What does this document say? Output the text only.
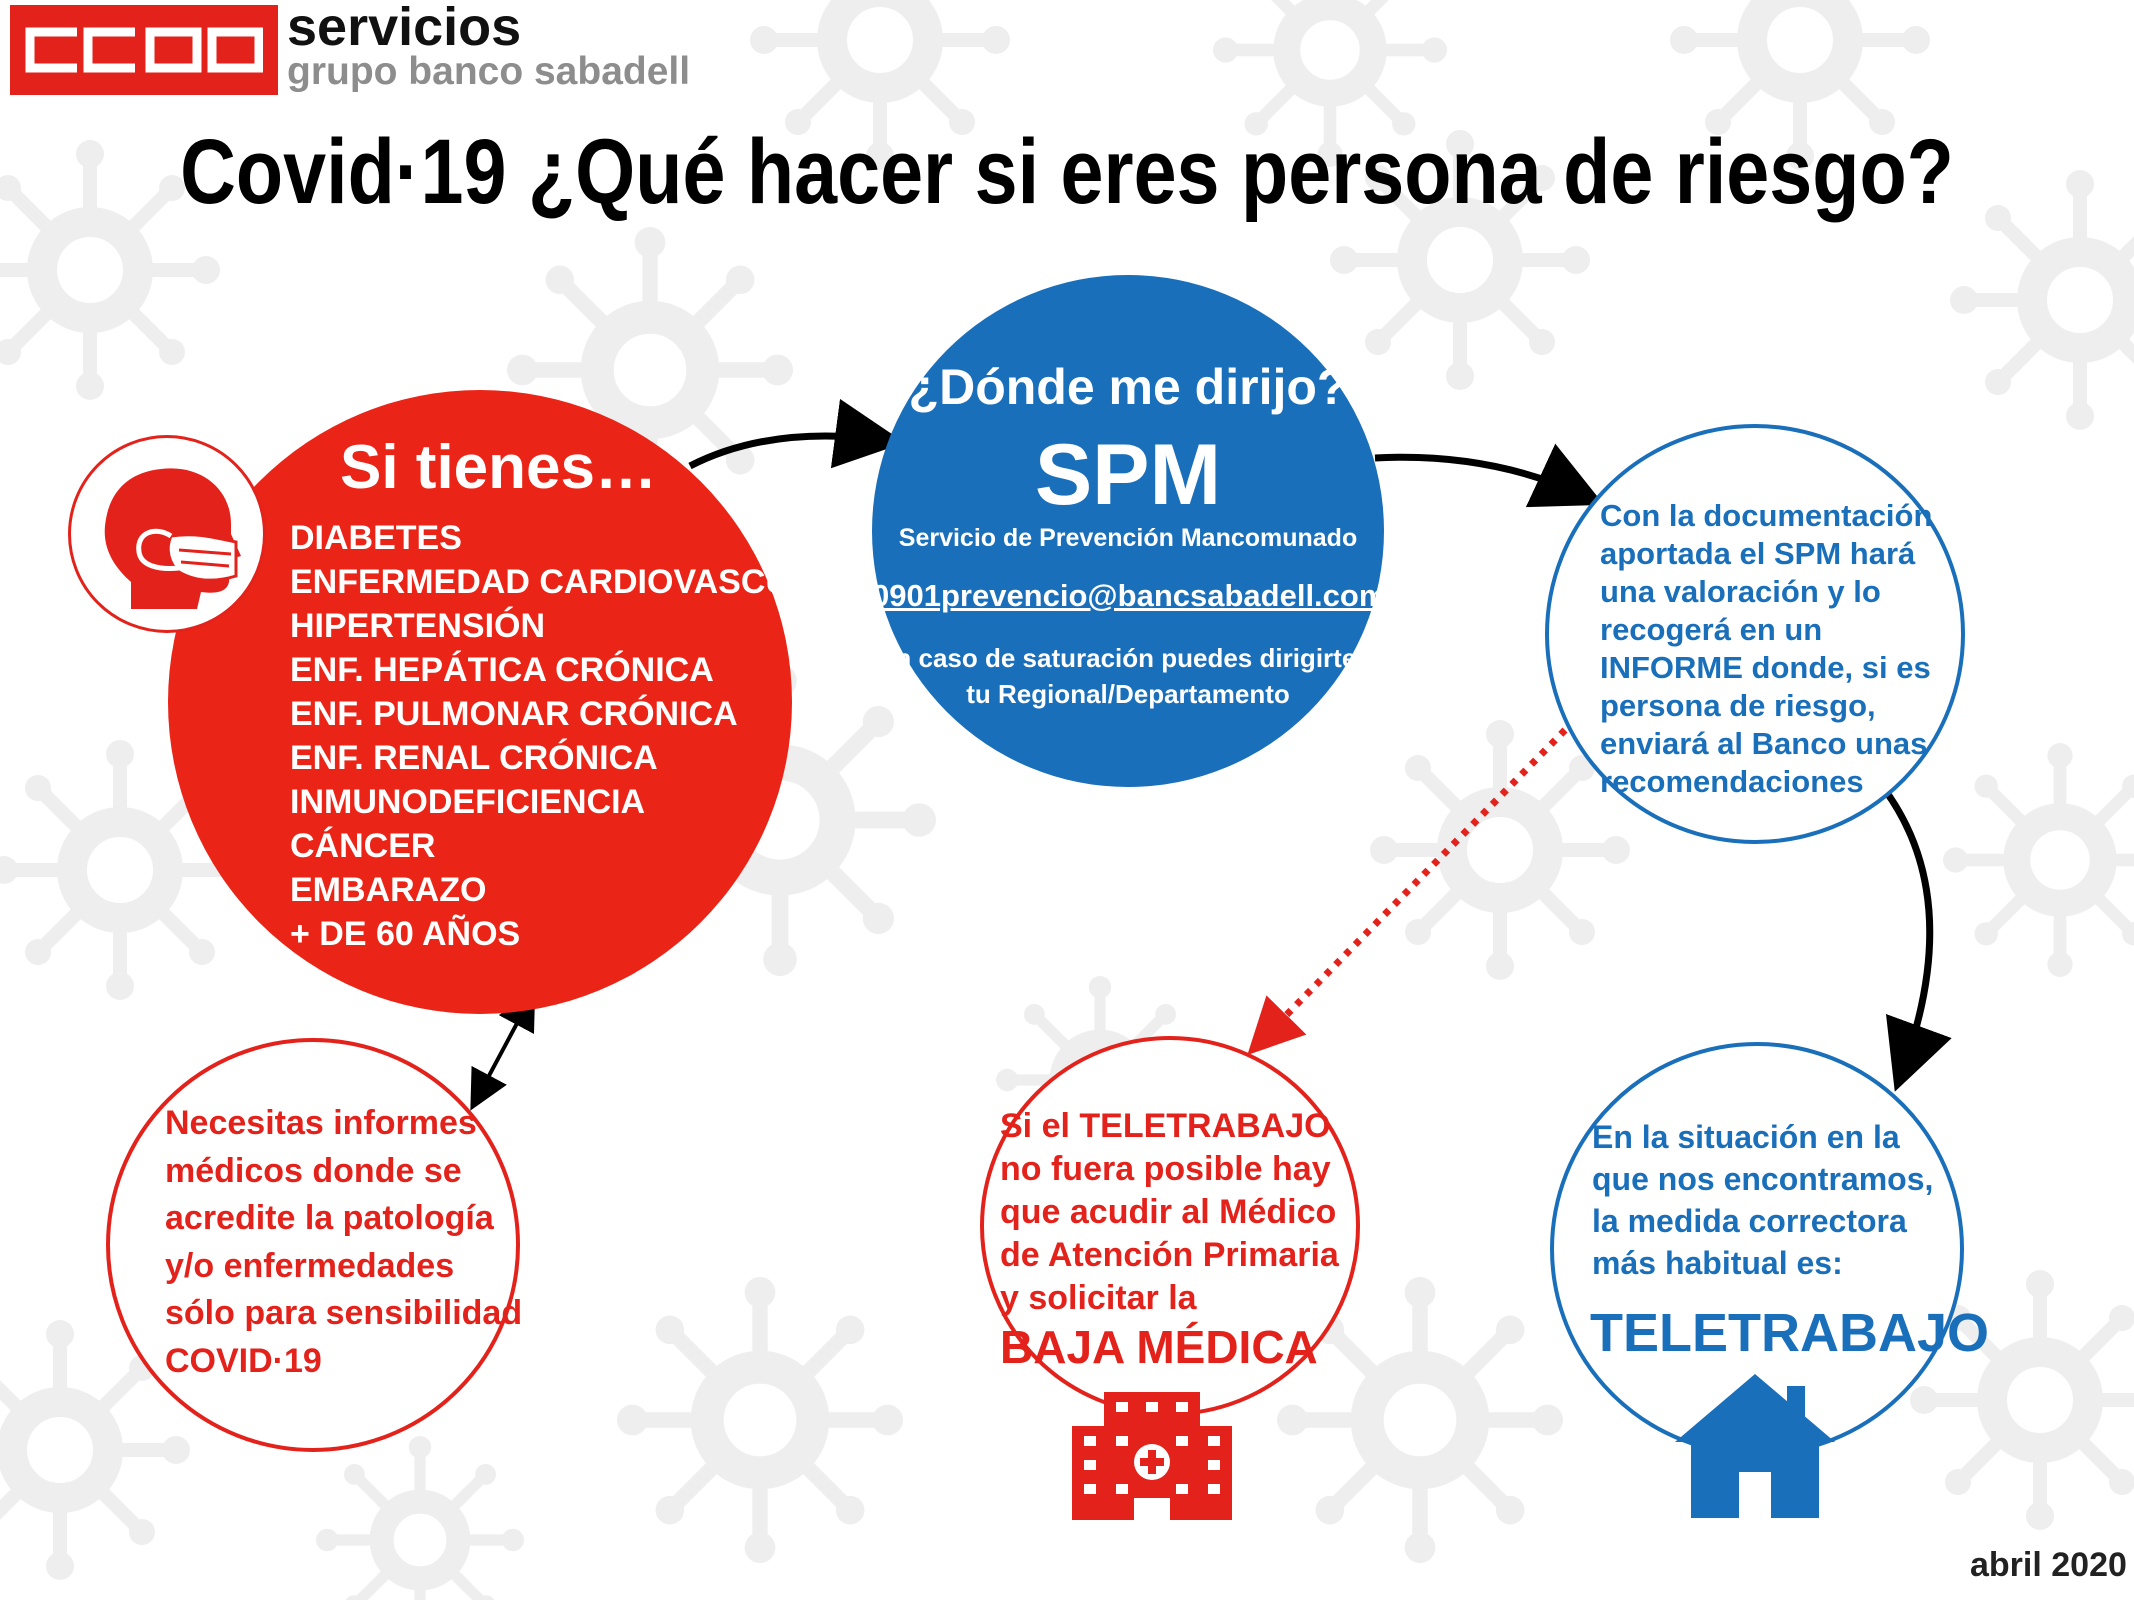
servicios
grupo banco sabadell
Covid·19 ¿Qué hacer si eres persona de riesgo?
Si tienes…
DIABETES
ENFERMEDAD CARDIOVASCULAR
HIPERTENSIÓN
ENF. HEPÁTICA CRÓNICA
ENF. PULMONAR CRÓNICA
ENF. RENAL CRÓNICA
INMUNODEFICIENCIA
CÁNCER
EMBARAZO
+ DE 60 AÑOS
¿Dónde me dirijo?
SPM
Servicio de Prevención Mancomunado
0901prevencio@bancsabadell.com
En caso de saturación puedes dirigirte a tu Regional/Departamento
Con la documentación aportada el SPM hará una valoración y lo recogerá en un INFORME donde, si es persona de riesgo, enviará al Banco unas recomendaciones
Necesitas informes médicos donde se acredite la patología y/o enfermedades sólo para sensibilidad COVID·19
Si el TELETRABAJO no fuera posible hay que acudir al Médico de Atención Primaria y solicitar la
BAJA MÉDICA
En la situación en la que nos encontramos, la medida correctora más habitual es:
TELETRABAJO
abril 2020
